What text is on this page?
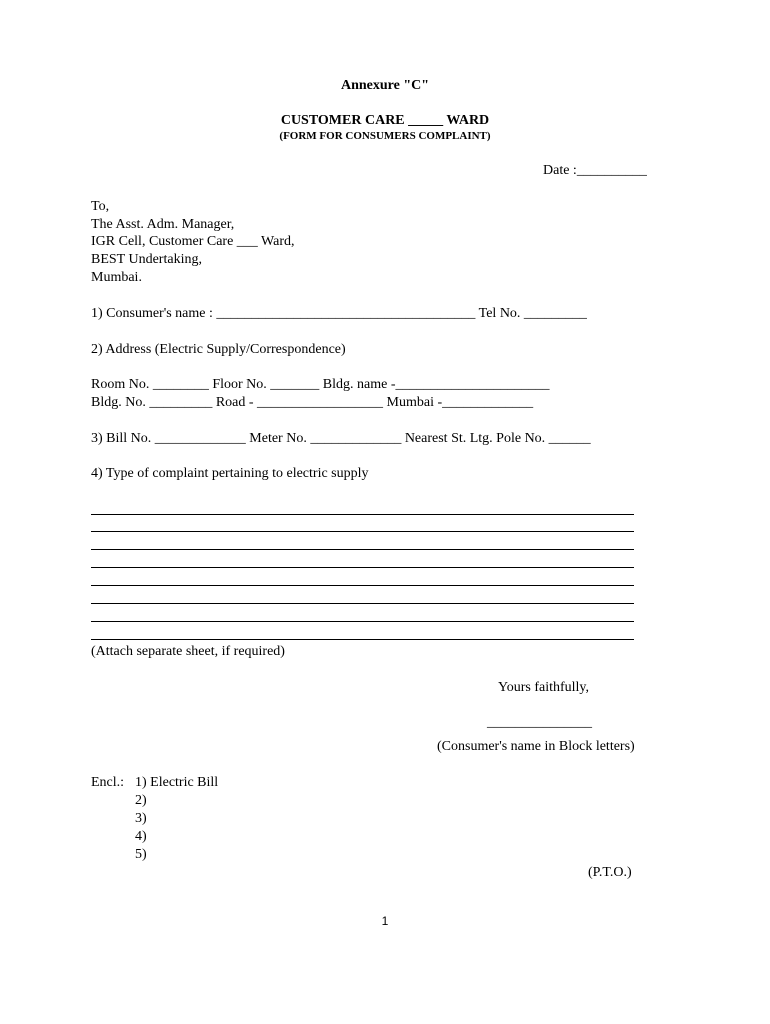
Annexure "C"
CUSTOMER CARE _____ WARD
(FORM FOR CONSUMERS COMPLAINT)
Date :__________
To,
The Asst. Adm. Manager,
IGR Cell, Customer Care ___ Ward,
BEST Undertaking,
Mumbai.
1) Consumer's name : _____________________________________ Tel No. _________
2) Address (Electric Supply/Correspondence)
Room No. ________ Floor No. _______ Bldg. name -______________________
Bldg. No. _________ Road - __________________ Mumbai -_____________
3) Bill No. _____________ Meter No. _____________ Nearest St. Ltg. Pole No. ______
4) Type of complaint pertaining to electric supply
(Attach separate sheet, if required)
Yours faithfully,
_______________
(Consumer's name in Block letters)
Encl.: 1) Electric Bill
2)
3)
4)
5)
(P.T.O.)
1
